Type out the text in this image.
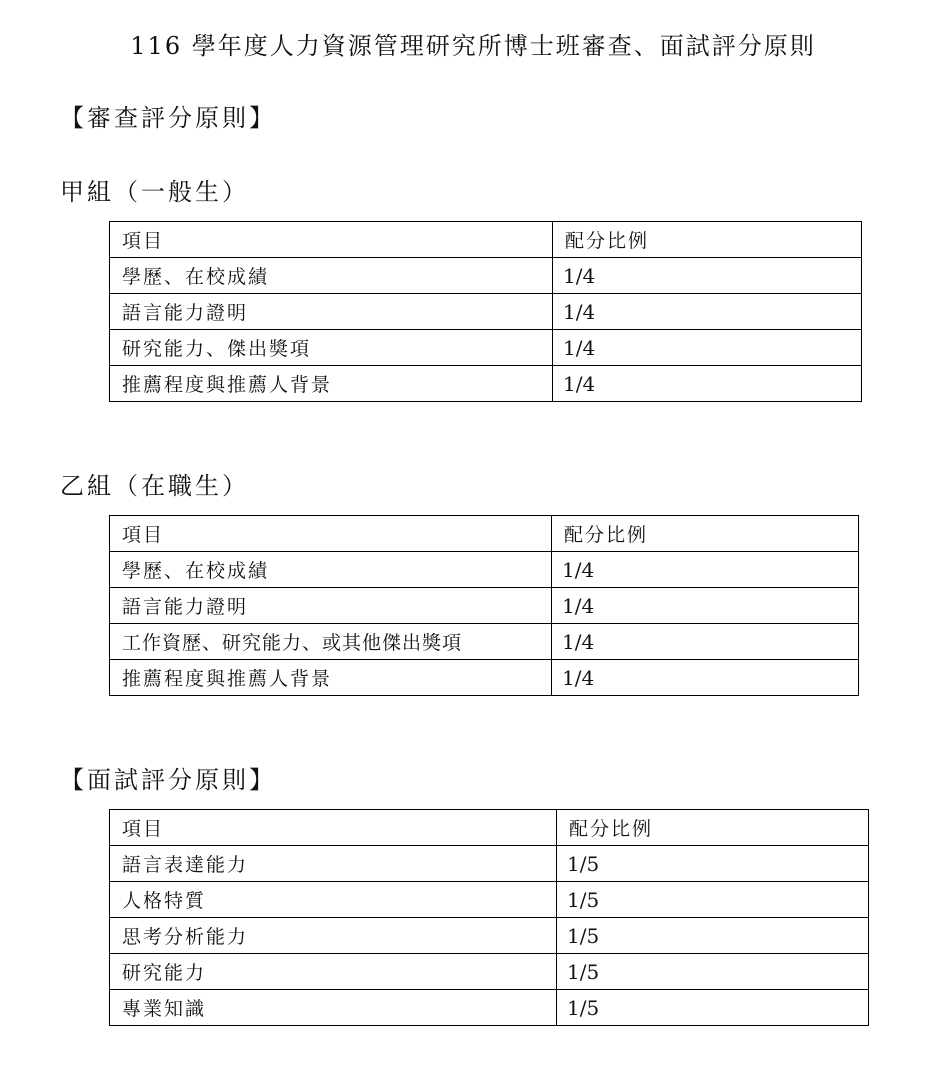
116 學年度人力資源管理研究所博士班審查、面試評分原則
【審查評分原則】
甲組（一般生）
項目	配分比例
學歷、在校成績	1/4
語言能力證明	1/4
研究能力、傑出獎項	1/4
推薦程度與推薦人背景	1/4
乙組（在職生）
項目	配分比例
學歷、在校成績	1/4
語言能力證明	1/4
工作資歷、研究能力、或其他傑出獎項	1/4
推薦程度與推薦人背景	1/4
【面試評分原則】
項目	配分比例
語言表達能力	1/5
人格特質	1/5
思考分析能力	1/5
研究能力	1/5
專業知識	1/5
